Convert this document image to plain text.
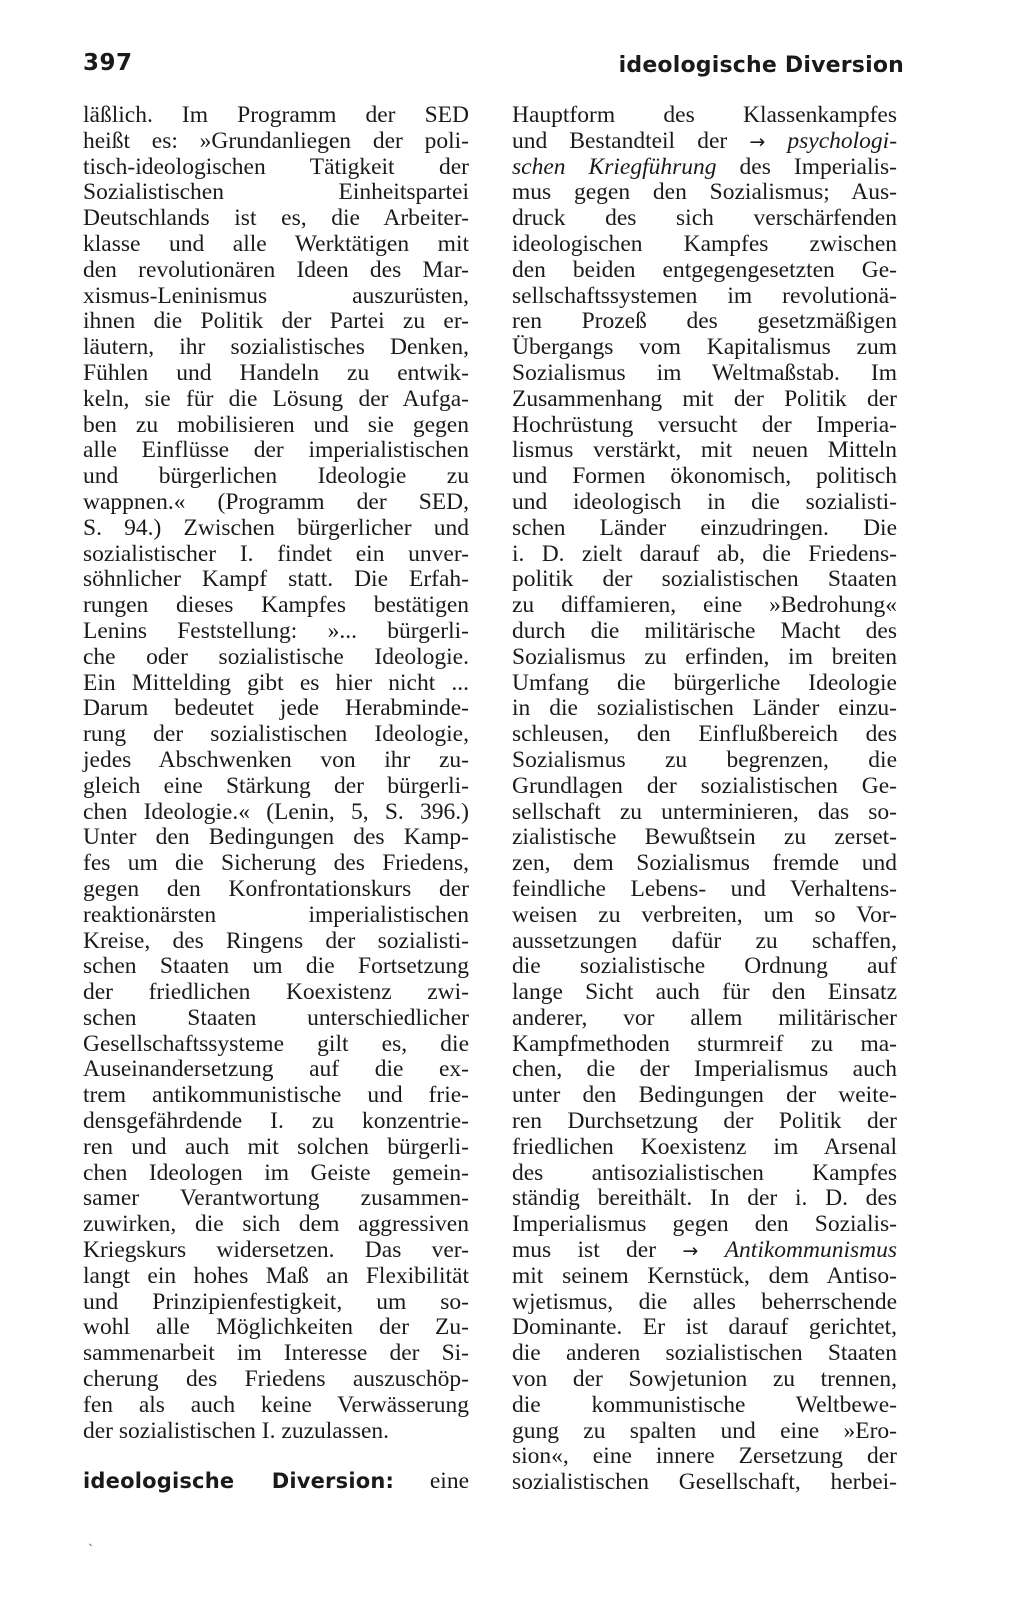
397	ideologische Diversion
läßlich. Im Programm der SED
heißt es: »Grundanliegen der poli-
tisch-ideologischen Tätigkeit der
Sozialistischen Einheitspartei
Deutschlands ist es, die Arbeiter-
klasse und alle Werktätigen mit
den revolutionären Ideen des Mar-
xismus-Leninismus auszurüsten,
ihnen die Politik der Partei zu er-
läutern, ihr sozialistisches Denken,
Fühlen und Handeln zu entwik-
keln, sie für die Lösung der Aufga-
ben zu mobilisieren und sie gegen
alle Einflüsse der imperialistischen
und bürgerlichen Ideologie zu
wappnen.« (Programm der SED,
S. 94.) Zwischen bürgerlicher und
sozialistischer I. findet ein unver-
söhnlicher Kampf statt. Die Erfah-
rungen dieses Kampfes bestätigen
Lenins Feststellung: »... bürgerli-
che oder sozialistische Ideologie.
Ein Mittelding gibt es hier nicht ...
Darum bedeutet jede Herabminde-
rung der sozialistischen Ideologie,
jedes Abschwenken von ihr zu-
gleich eine Stärkung der bürgerli-
chen Ideologie.« (Lenin, 5, S. 396.)
Unter den Bedingungen des Kamp-
fes um die Sicherung des Friedens,
gegen den Konfrontationskurs der
reaktionärsten imperialistischen
Kreise, des Ringens der sozialisti-
schen Staaten um die Fortsetzung
der friedlichen Koexistenz zwi-
schen Staaten unterschiedlicher
Gesellschaftssysteme gilt es, die
Auseinandersetzung auf die ex-
trem antikommunistische und frie-
densgefährdende I. zu konzentrie-
ren und auch mit solchen bürgerli-
chen Ideologen im Geiste gemein-
samer Verantwortung zusammen-
zuwirken, die sich dem aggressiven
Kriegskurs widersetzen. Das ver-
langt ein hohes Maß an Flexibilität
und Prinzipienfestigkeit, um so-
wohl alle Möglichkeiten der Zu-
sammenarbeit im Interesse der Si-
cherung des Friedens auszuschöp-
fen als auch keine Verwässerung
der sozialistischen I. zuzulassen.
ideologische Diversion: eine
Hauptform des Klassenkampfes
und Bestandteil der → psychologi-
schen Kriegführung des Imperialis-
mus gegen den Sozialismus; Aus-
druck des sich verschärfenden
ideologischen Kampfes zwischen
den beiden entgegengesetzten Ge-
sellschaftssystemen im revolutionä-
ren Prozeß des gesetzmäßigen
Übergangs vom Kapitalismus zum
Sozialismus im Weltmaßstab. Im
Zusammenhang mit der Politik der
Hochrüstung versucht der Imperia-
lismus verstärkt, mit neuen Mitteln
und Formen ökonomisch, politisch
und ideologisch in die sozialisti-
schen Länder einzudringen. Die
i. D. zielt darauf ab, die Friedens-
politik der sozialistischen Staaten
zu diffamieren, eine »Bedrohung«
durch die militärische Macht des
Sozialismus zu erfinden, im breiten
Umfang die bürgerliche Ideologie
in die sozialistischen Länder einzu-
schleusen, den Einflußbereich des
Sozialismus zu begrenzen, die
Grundlagen der sozialistischen Ge-
sellschaft zu unterminieren, das so-
zialistische Bewußtsein zu zerset-
zen, dem Sozialismus fremde und
feindliche Lebens- und Verhaltens-
weisen zu verbreiten, um so Vor-
aussetzungen dafür zu schaffen,
die sozialistische Ordnung auf
lange Sicht auch für den Einsatz
anderer, vor allem militärischer
Kampfmethoden sturmreif zu ma-
chen, die der Imperialismus auch
unter den Bedingungen der weite-
ren Durchsetzung der Politik der
friedlichen Koexistenz im Arsenal
des antisozialistischen Kampfes
ständig bereithält. In der i. D. des
Imperialismus gegen den Sozialis-
mus ist der → Antikommunismus
mit seinem Kernstück, dem Antiso-
wjetismus, die alles beherrschende
Dominante. Er ist darauf gerichtet,
die anderen sozialistischen Staaten
von der Sowjetunion zu trennen,
die kommunistische Weltbewe-
gung zu spalten und eine »Ero-
sion«, eine innere Zersetzung der
sozialistischen Gesellschaft, herbei-
ˎ
